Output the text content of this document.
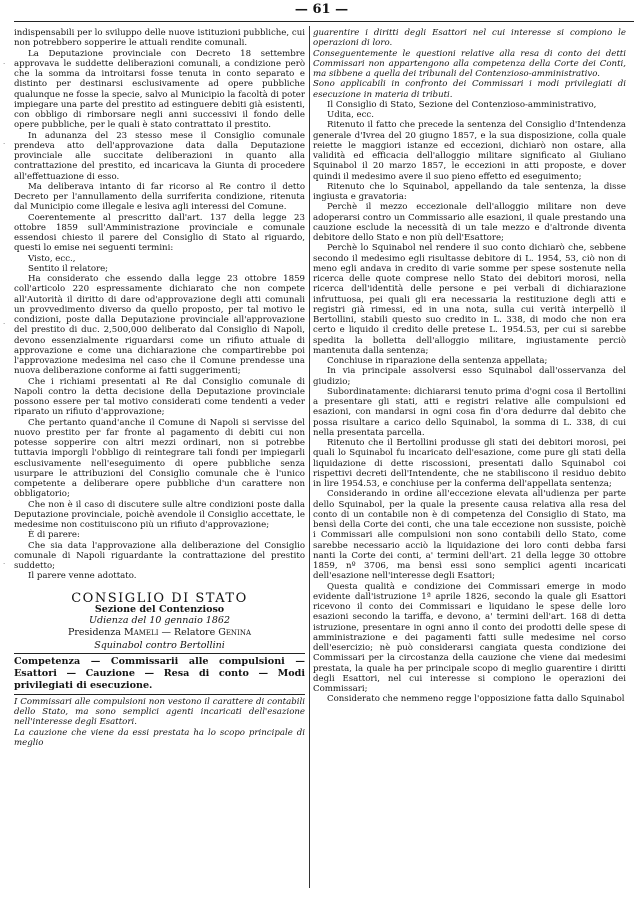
— 61 —
·
·
·
·

indispensabili per lo sviluppo delle nuove istituzioni pubbliche, cui non potrebbero sopperire le attuali rendite comunali.

La Deputazione provinciale con Decreto 18 settembre approvava le suddette deliberazioni comunali, a condizione però che la somma da introitarsi fosse tenuta in conto separato e distinto per destinarsi esclusivamente ad opere pubbliche qualunque ne fosse la specie, salvo al Municipio la facoltà di poter impiegare una parte del prestito ad estinguere debiti già esistenti, con obbligo di rimborsare negli anni successivi il fondo delle opere pubbliche, per le quali è stato contrattato il prestito.

In adunanza del 23 stesso mese il Consiglio comunale prendeva atto dell'approvazione data dalla Deputazione provinciale alle succitate deliberazioni in quanto alla contrattazione del prestito, ed incaricava la Giunta di procedere all'effettuazione di esso.

Ma deliberava intanto di far ricorso al Re contro il detto Decreto per l'annullamento della surriferita condizione, ritenuta dal Municipio come illegale e lesiva agli interessi del Comune.

Coerentemente al prescritto dall'art. 137 della legge 23 ottobre 1859 sull'Amministrazione provinciale e comunale essendosi chiesto il parere del Consiglio di Stato al riguardo, questi lo emise nei seguenti termini:

Visto, ecc.,

Sentito il relatore;

Ha considerato che essendo dalla legge 23 ottobre 1859 coll'articolo 220 espressamente dichiarato che non compete all'Autorità il diritto di dare od'approvazione degli atti comunali un provvedimento diverso da quello proposto, per tal motivo le condizioni, poste dalla Deputazione provinciale all'approvazione del prestito di duc. 2,500,000 deliberato dal Consiglio di Napoli, devono essenzialmente riguardarsi come un rifiuto attuale di approvazione e come una dichiarazione che compartirebbe poi l'approvazione medesima nel caso che il Comune prendesse una nuova deliberazione conforme ai fatti suggerimenti;

Che i richiami presentati al Re dal Consiglio comunale di Napoli contro la detta decisione della Deputazione provinciale possono essere per tal motivo considerati come tendenti a veder riparato un rifiuto d'approvazione;

Che pertanto quand'anche il Comune di Napoli si servisse del nuovo prestito per far fronte al pagamento di debiti cui non potesse sopperire con altri mezzi ordinari, non si potrebbe tuttavia imporgli l'obbligo di reintegrare tali fondi per impiegarli esclusivamente nell'eseguimento di opere pubbliche senza usurpare le attribuzioni del Consiglio comunale che è l'unico competente a deliberare opere pubbliche d'un carattere non obbligatorio;

Che non è il caso di discutere sulle altre condizioni poste dalla Deputazione provinciale, poichè avendole il Consiglio accettate, le medesime non costituiscono più un rifiuto d'approvazione;

È di parere:

Che sia data l'approvazione alla deliberazione del Consiglio comunale di Napoli riguardante la contrattazione del prestito suddetto;

Il parere venne adottato.

CONSIGLIO DI STATO
Sezione del Contenzioso
Udienza del 10 gennaio 1862
Presidenza Mameli — Relatore Genina
Squinabol contro Bertollini
Competenza — Commissarii alle compulsioni — Esattori — Cauzione — Resa di conto — Modi privilegiati di esecuzione.

I Commissari alle compulsioni non vestono il carattere di contabili dello Stato, ma sono semplici agenti incaricati dell'esazione nell'interesse degli Esattori.

La cauzione che viene da essi prestata ha lo scopo principale di meglio

guarentire i diritti degli Esattori nel cui interesse si compiono le operazioni di loro.

Conseguentemente le questioni relative alla resa di conto dei detti Commissari non appartengono alla competenza della Corte dei Conti, ma sibbene a quella dei tribunali del Contenzioso-amministrativo.

Sono applicabili in confronto dei Commissari i modi privilegiati di esecuzione in materia di tributi.

Il Consiglio di Stato, Sezione del Contenzioso-amministrativo,

Udita, ecc.

Ritenuto il fatto che precede la sentenza del Consiglio d'Intendenza generale d'Ivrea del 20 giugno 1857, e la sua disposizione, colla quale reiette le maggiori istanze ed eccezioni, dichiarò non ostare, alla validità ed efficacia dell'alloggio militare significato al Giuliano Squinabol il 20 marzo 1857, le eccezioni in atti proposte, e dover quindi il medesimo avere il suo pieno effetto ed eseguimento;

Ritenuto che lo Squinabol, appellando da tale sentenza, la disse ingiusta e gravatoria:

Perchè il mezzo eccezionale dell'alloggio militare non deve adoperarsi contro un Commissario alle esazioni, il quale prestando una cauzione esclude la necessità di un tale mezzo e d'altronde diventa debitore dello Stato e non più dell'Esattore;

Perchè lo Squinabol nel rendere il suo conto dichiarò che, sebbene secondo il medesimo egli risultasse debitore di L. 1954, 53, ciò non di meno egli andava in credito di varie somme per spese sostenute nella ricerca delle quote comprese nello Stato dei debitori morosi, nella ricerca dell'identità delle persone e pei verbali di dichiarazione infruttuosa, pei quali gli era necessaria la restituzione degli atti e registri già rimessi, ed in una nota, sulla cui verità interpellò il Bertollini, stabili questo suo credito in L. 338, di modo che non era certo e liquido il credito delle pretese L. 1954.53, per cui si sarebbe spedita la bolletta dell'alloggio militare, ingiustamente perciò mantenuta dalla sentenza;

Conchiuse in riparazione della sentenza appellata;

In via principale assolversi esso Squinabol dall'osservanza del giudizio;

Subordinatamente: dichiararsi tenuto prima d'ogni cosa il Bertollini a presentare gli stati, atti e registri relative alle compulsioni ed esazioni, con mandarsi in ogni cosa fin d'ora dedurre dal debito che possa risultare a carico dello Squinabol, la somma di L. 338, di cui nella presentata parcella.

Ritenuto che il Bertollini produsse gli stati dei debitori morosi, pei quali lo Squinabol fu incaricato dell'esazione, come pure gli stati della liquidazione di dette riscossioni, presentati dallo Squinabol coi rispettivi decreti dell'Intendente, che ne stabiliscono il residuo debito in lire 1954.53, e conchiuse per la conferma dell'appellata sentenza;

Considerando in ordine all'eccezione elevata all'udienza per parte dello Squinabol, per la quale la presente causa relativa alla resa del conto di un contabile non è di competenza del Consiglio di Stato, ma bensì della Corte dei conti, che una tale eccezione non sussiste, poichè i Commissari alle compulsioni non sono contabili dello Stato, come sarebbe necessario acciò la liquidazione dei loro conti debba farsi nanti la Corte dei conti, a' termini dell'art. 21 della legge 30 ottobre 1859, nº 3706, ma bensì essi sono semplici agenti incaricati dell'esazione nell'interesse degli Esattori;

Questa qualità e condizione dei Commissari emerge in modo evidente dall'istruzione 1ª aprile 1826, secondo la quale gli Esattori ricevono il conto dei Commissari e liquidano le spese delle loro esazioni secondo la tariffa, e devono, a' termini dell'art. 168 di detta istruzione, presentare in ogni anno il conto dei prodotti delle spese di amministrazione e dei pagamenti fatti sulle medesime nel corso dell'esercizio; nè può considerarsi cangiata questa condizione dei Commissari per la circostanza della cauzione che viene dai medesimi prestata, la quale ha per principale scopo di meglio guarentire i diritti degli Esattori, nel cui interesse si compiono le operazioni dei Commissari;

Considerato che nemmeno regge l'opposizione fatta dallo Squinabol
